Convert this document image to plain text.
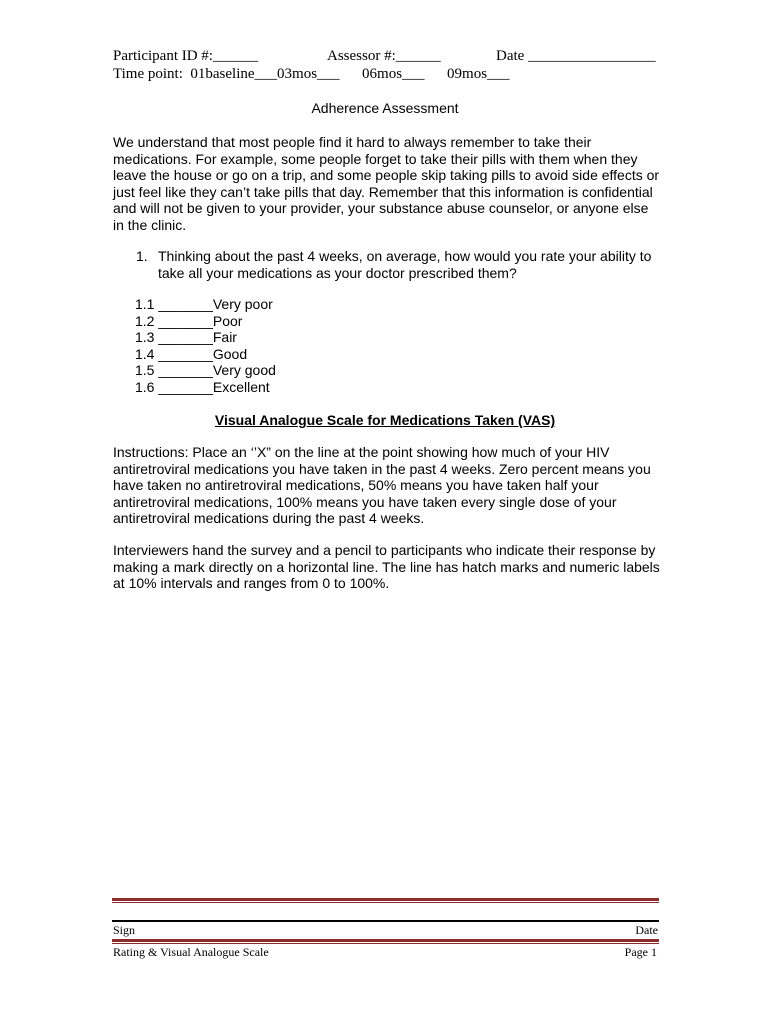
Participant ID #:______	Assessor #:______	Date _________________
Time point:  01baseline___03mos___      06mos___      09mos___
Adherence Assessment
We understand that most people find it hard to always remember to take their
medications. For example, some people forget to take their pills with them when they
leave the house or go on a trip, and some people skip taking pills to avoid side effects or
just feel like they can’t take pills that day. Remember that this information is confidential
and will not be given to your provider, your substance abuse counselor, or anyone else
in the clinic.
1. Thinking about the past 4 weeks, on average, how would you rate your ability to
take all your medications as your doctor prescribed them?
1.1 _______Very poor
1.2 _______Poor
1.3 _______Fair
1.4 _______Good
1.5 _______Very good
1.6 _______Excellent
Visual Analogue Scale for Medications Taken (VAS)
Instructions: Place an ‘’X” on the line at the point showing how much of your HIV
antiretroviral medications you have taken in the past 4 weeks. Zero percent means you
have taken no antiretroviral medications, 50% means you have taken half your
antiretroviral medications, 100% means you have taken every single dose of your
antiretroviral medications during the past 4 weeks.
Interviewers hand the survey and a pencil to participants who indicate their response by
making a mark directly on a horizontal line. The line has hatch marks and numeric labels
at 10% intervals and ranges from 0 to 100%.
Sign	Date
Rating & Visual Analogue Scale	Page 1
